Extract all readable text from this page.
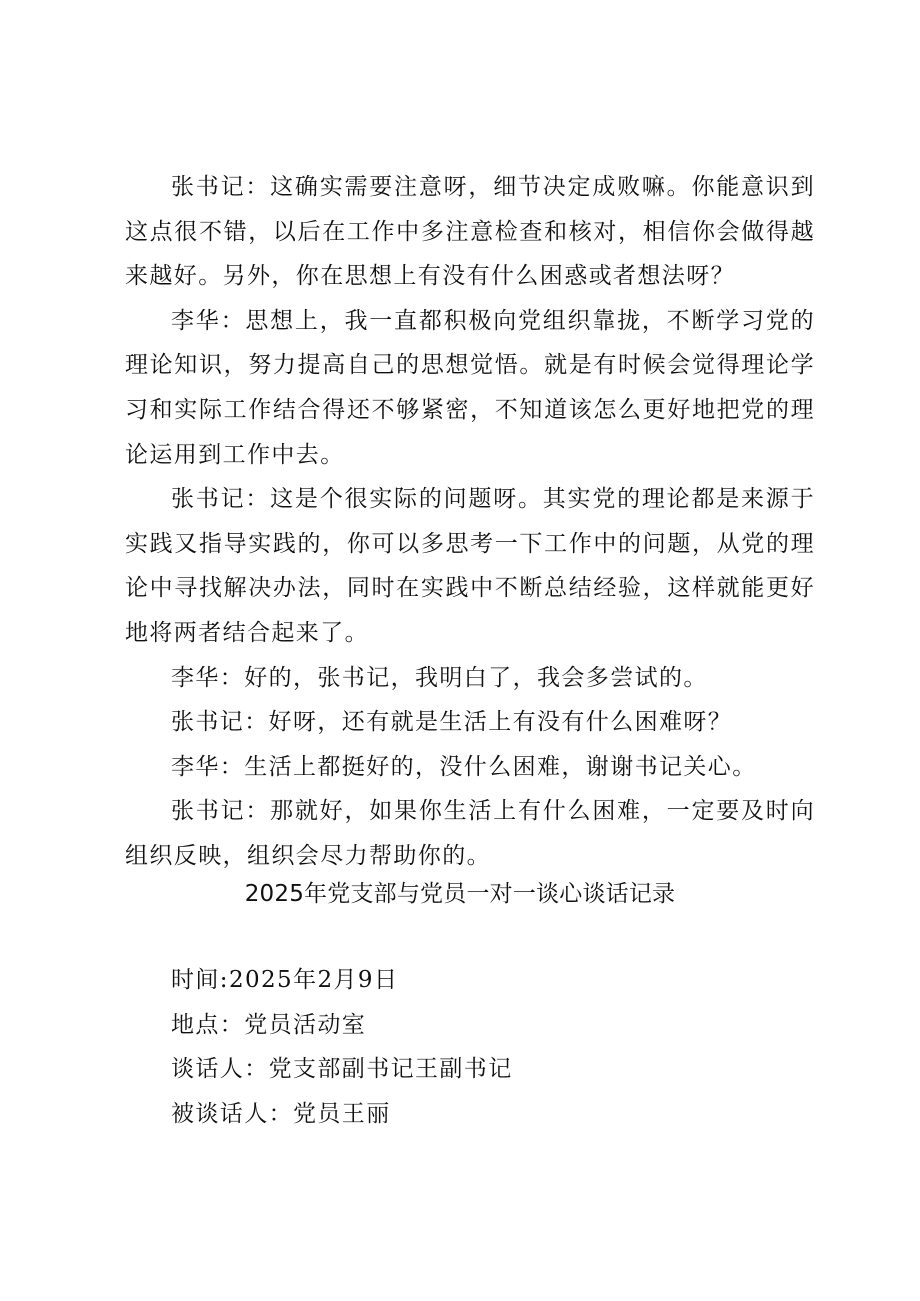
张书记：这确实需要注意呀，细节决定成败嘛。你能意识到这点很不错，以后在工作中多注意检查和核对，相信你会做得越来越好。另外，你在思想上有没有什么困惑或者想法呀？

李华：思想上，我一直都积极向党组织靠拢，不断学习党的理论知识，努力提高自己的思想觉悟。就是有时候会觉得理论学习和实际工作结合得还不够紧密，不知道该怎么更好地把党的理论运用到工作中去。

张书记：这是个很实际的问题呀。其实党的理论都是来源于实践又指导实践的，你可以多思考一下工作中的问题，从党的理论中寻找解决办法，同时在实践中不断总结经验，这样就能更好地将两者结合起来了。

李华：好的，张书记，我明白了，我会多尝试的。

张书记：好呀，还有就是生活上有没有什么困难呀？

李华：生活上都挺好的，没什么困难，谢谢书记关心。

张书记：那就好，如果你生活上有什么困难，一定要及时向组织反映，组织会尽力帮助你的。

2025年党支部与党员一对一谈心谈话记录

时间:2025年2月9日

地点：党员活动室

谈话人：党支部副书记王副书记

被谈话人：党员王丽
